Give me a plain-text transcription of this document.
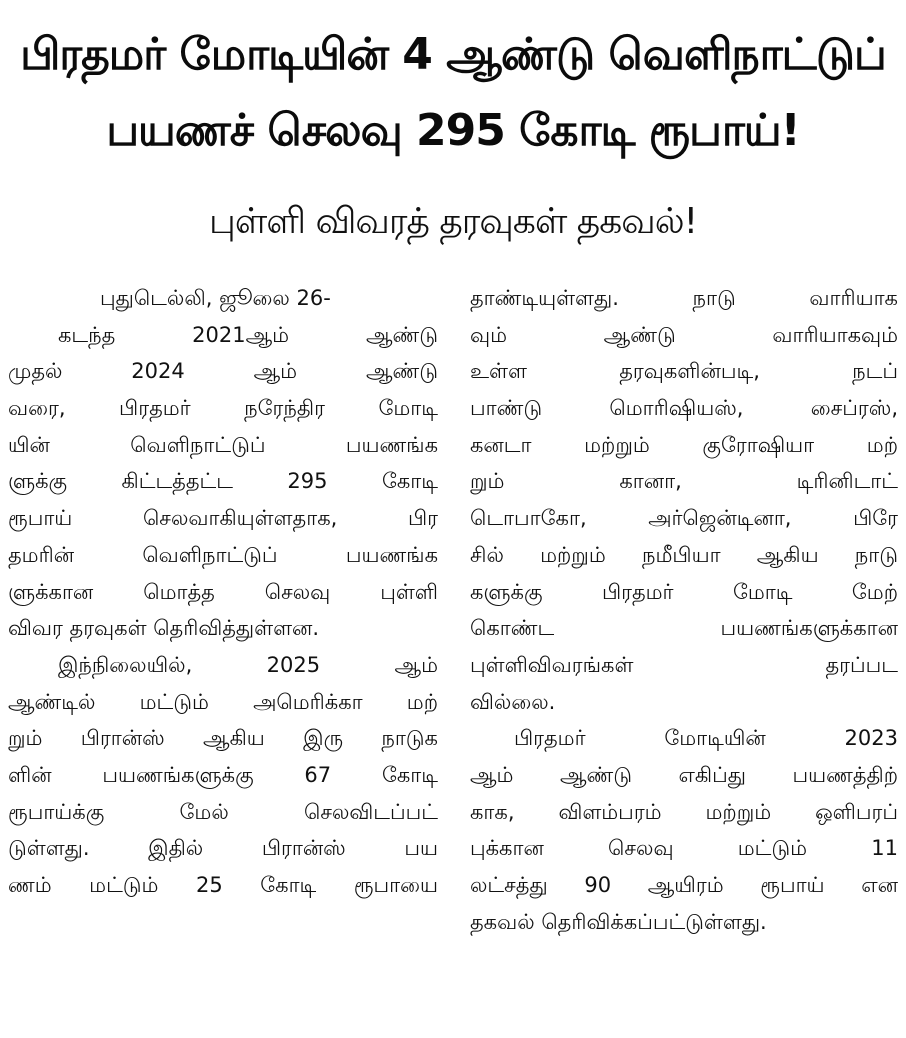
பிரதமர் மோடியின் 4 ஆண்டு வெளிநாட்டுப்
பயணச் செலவு 295 கோடி ரூபாய்!
புள்ளி விவரத் தரவுகள் தகவல்!
புதுடெல்லி, ஜூலை 26-
கடந்த 2021ஆம் ஆண்டு
முதல் 2024 ஆம் ஆண்டு
வரை, பிரதமர் நரேந்திர மோடி
யின் வெளிநாட்டுப் பயணங்க
ளுக்கு கிட்டத்தட்ட 295 கோடி
ரூபாய் செலவாகியுள்ளதாக, பிர
தமரின் வெளிநாட்டுப் பயணங்க
ளுக்கான மொத்த செலவு புள்ளி
விவர தரவுகள் தெரிவித்துள்ளன.
இந்நிலையில், 2025 ஆம்
ஆண்டில் மட்டும் அமெரிக்கா மற்
றும் பிரான்ஸ் ஆகிய இரு நாடுக
ளின் பயணங்களுக்கு 67 கோடி
ரூபாய்க்கு மேல் செலவிடப்பட்
டுள்ளது. இதில் பிரான்ஸ் பய
ணம் மட்டும் 25 கோடி ரூபாயை
தாண்டியுள்ளது. நாடு வாரியாக
வும் ஆண்டு வாரியாகவும்
உள்ள தரவுகளின்படி, நடப்
பாண்டு மொரிஷியஸ், சைப்ரஸ்,
கனடா மற்றும் குரோஷியா மற்
றும் கானா, டிரினிடாட்
டொபாகோ, அர்ஜென்டினா, பிரே
சில் மற்றும் நமீபியா ஆகிய நாடு
களுக்கு பிரதமர் மோடி மேற்
கொண்ட பயணங்களுக்கான
புள்ளிவிவரங்கள் தரப்பட
வில்லை.
பிரதமர் மோடியின் 2023
ஆம் ஆண்டு எகிப்து பயணத்திற்
காக, விளம்பரம் மற்றும் ஒளிபரப்
புக்கான செலவு மட்டும் 11
லட்சத்து 90 ஆயிரம் ரூபாய் என
தகவல் தெரிவிக்கப்பட்டுள்ளது.
